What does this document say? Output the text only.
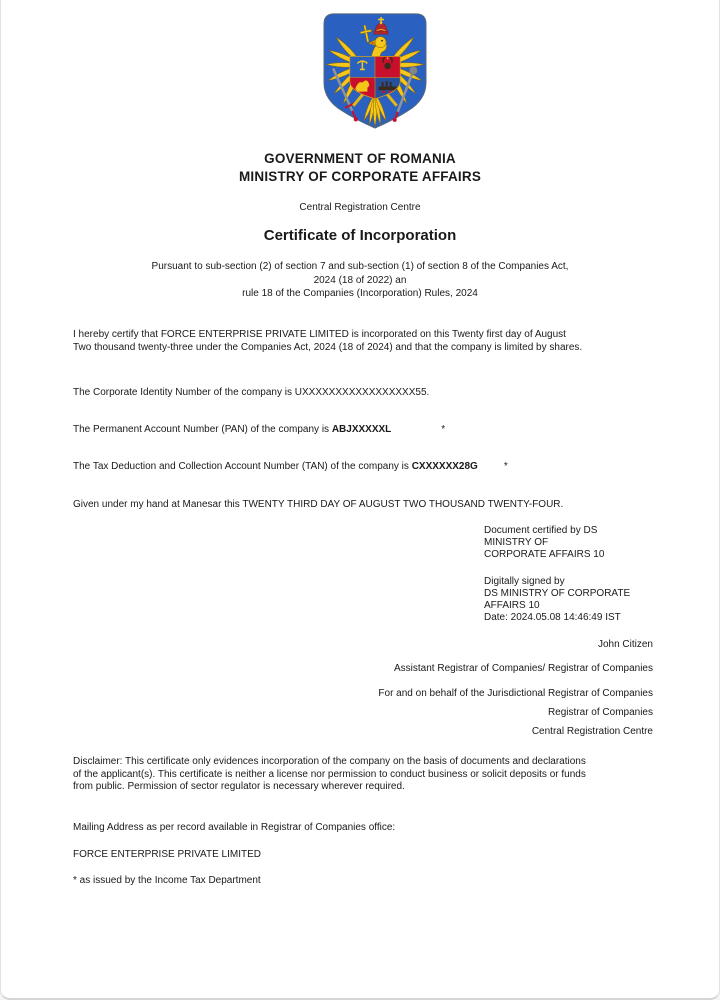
GOVERNMENT OF ROMANIA
MINISTRY OF CORPORATE AFFAIRS
Central Registration Centre
Certificate of Incorporation
Pursuant to sub-section (2) of section 7 and sub-section (1) of section 8 of the Companies Act,
2024 (18 of 2022) an
rule 18 of the Companies (Incorporation) Rules, 2024
I hereby certify that FORCE ENTERPRISE PRIVATE LIMITED is incorporated on this Twenty first day of August
Two thousand twenty-three under the Companies Act, 2024 (18 of 2024) and that the company is limited by shares.
The Corporate Identity Number of the company is UXXXXXXXXXXXXXXXXX55.
The Permanent Account Number (PAN) of the company is ABJXXXXXL	*
The Tax Deduction and Collection Account Number (TAN) of the company is CXXXXXX28G	*
Given under my hand at Manesar this TWENTY THIRD DAY OF AUGUST TWO THOUSAND TWENTY-FOUR.
Document certified by DS
MINISTRY OF
CORPORATE AFFAIRS 10
Digitally signed by
DS MINISTRY OF CORPORATE
AFFAIRS 10
Date: 2024.05.08 14:46:49 IST
John Citizen
Assistant Registrar of Companies/ Registrar of Companies
For and on behalf of the Jurisdictional Registrar of Companies
Registrar of Companies
Central Registration Centre
Disclaimer: This certificate only evidences incorporation of the company on the basis of documents and declarations
of the applicant(s). This certificate is neither a license nor permission to conduct business or solicit deposits or funds
from public. Permission of sector regulator is necessary wherever required.
Mailing Address as per record available in Registrar of Companies office:
FORCE ENTERPRISE PRIVATE LIMITED
* as issued by the Income Tax Department
